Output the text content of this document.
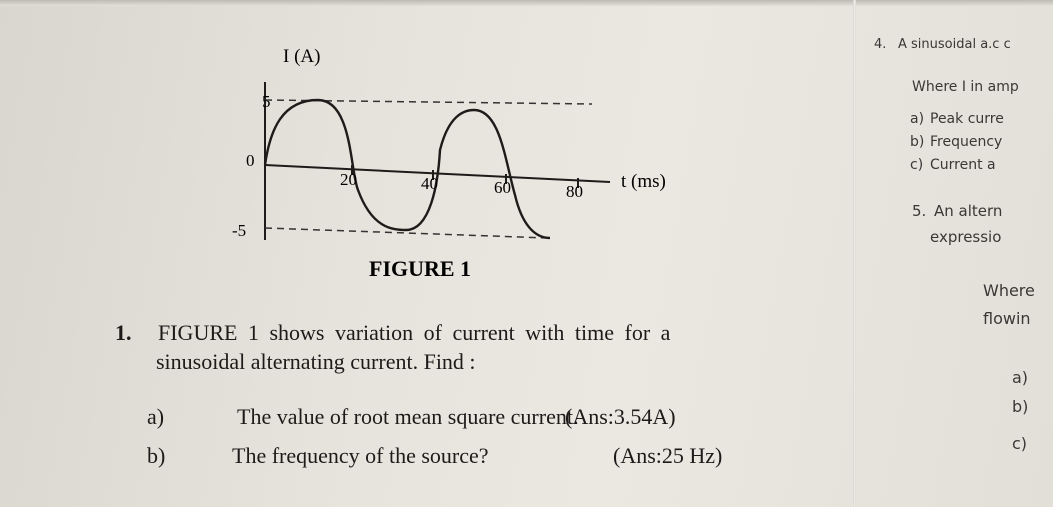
I (A)
5
0
-5
20	40	60	80 t (ms)
FIGURE 1
1. FIGURE 1 shows variation of current with time for a
sinusoidal alternating current. Find :
a)	The value of root mean square current.
(Ans:3.54A)
b)	The frequency of the source?	(Ans:25 Hz)
4. A sinusoidal a.c c
Where I in amp
a) Peak curre
b) Frequency
c) Current a
5. An altern
expressio
Where
flowin
a)
b)
c)
